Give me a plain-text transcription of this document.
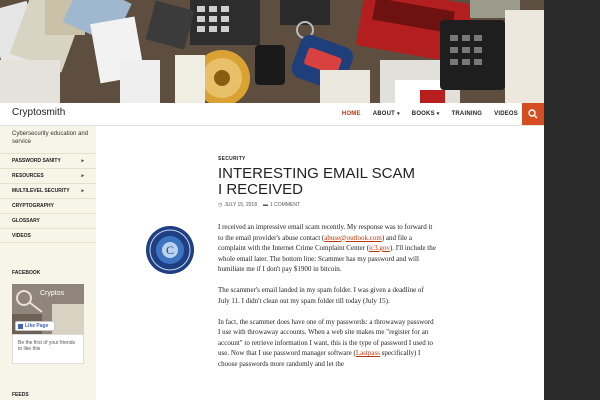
Cryptosmith	HOME ABOUT ▾ BOOKS ▾ TRAINING VIDEOS
Cybersecurity education and service
PASSWORD SANITY	▸
RESOURCES	▸
MULTILEVEL SECURITY ▸
CRYPTOGRAPHY
GLOSSARY
VIDEOS
FACEBOOK
Cryptos
Like Page
Be the first of your friends to like this
FEEDS
SECURITY
INTERESTING EMAIL SCAM I RECEIVED
◷ JULY 15, 2018 ▬ 1 COMMENT
C

I received an impressive email scam recently. My response was to forward it to the email provider's abuse contact (abuse@outlook.com) and file a complaint with the Internet Crime Complaint Center (ic3.gov). I'll include the whole email later. The bottom line: Scammer has my password and will humiliate me if I don't pay $1900 in bitcoin.

The scammer's email landed in my spam folder. I was given a deadline of July 11. I didn't clean out my spam folder till today (July 15).

In fact, the scammer does have one of my passwords: a throwaway password I use with throwaway accounts. When a web site makes me "register for an account" to retrieve information I want, this is the type of password I used to use. Now that I use password manager software (Lastpass specifically) I choose passwords more randomly and let the
